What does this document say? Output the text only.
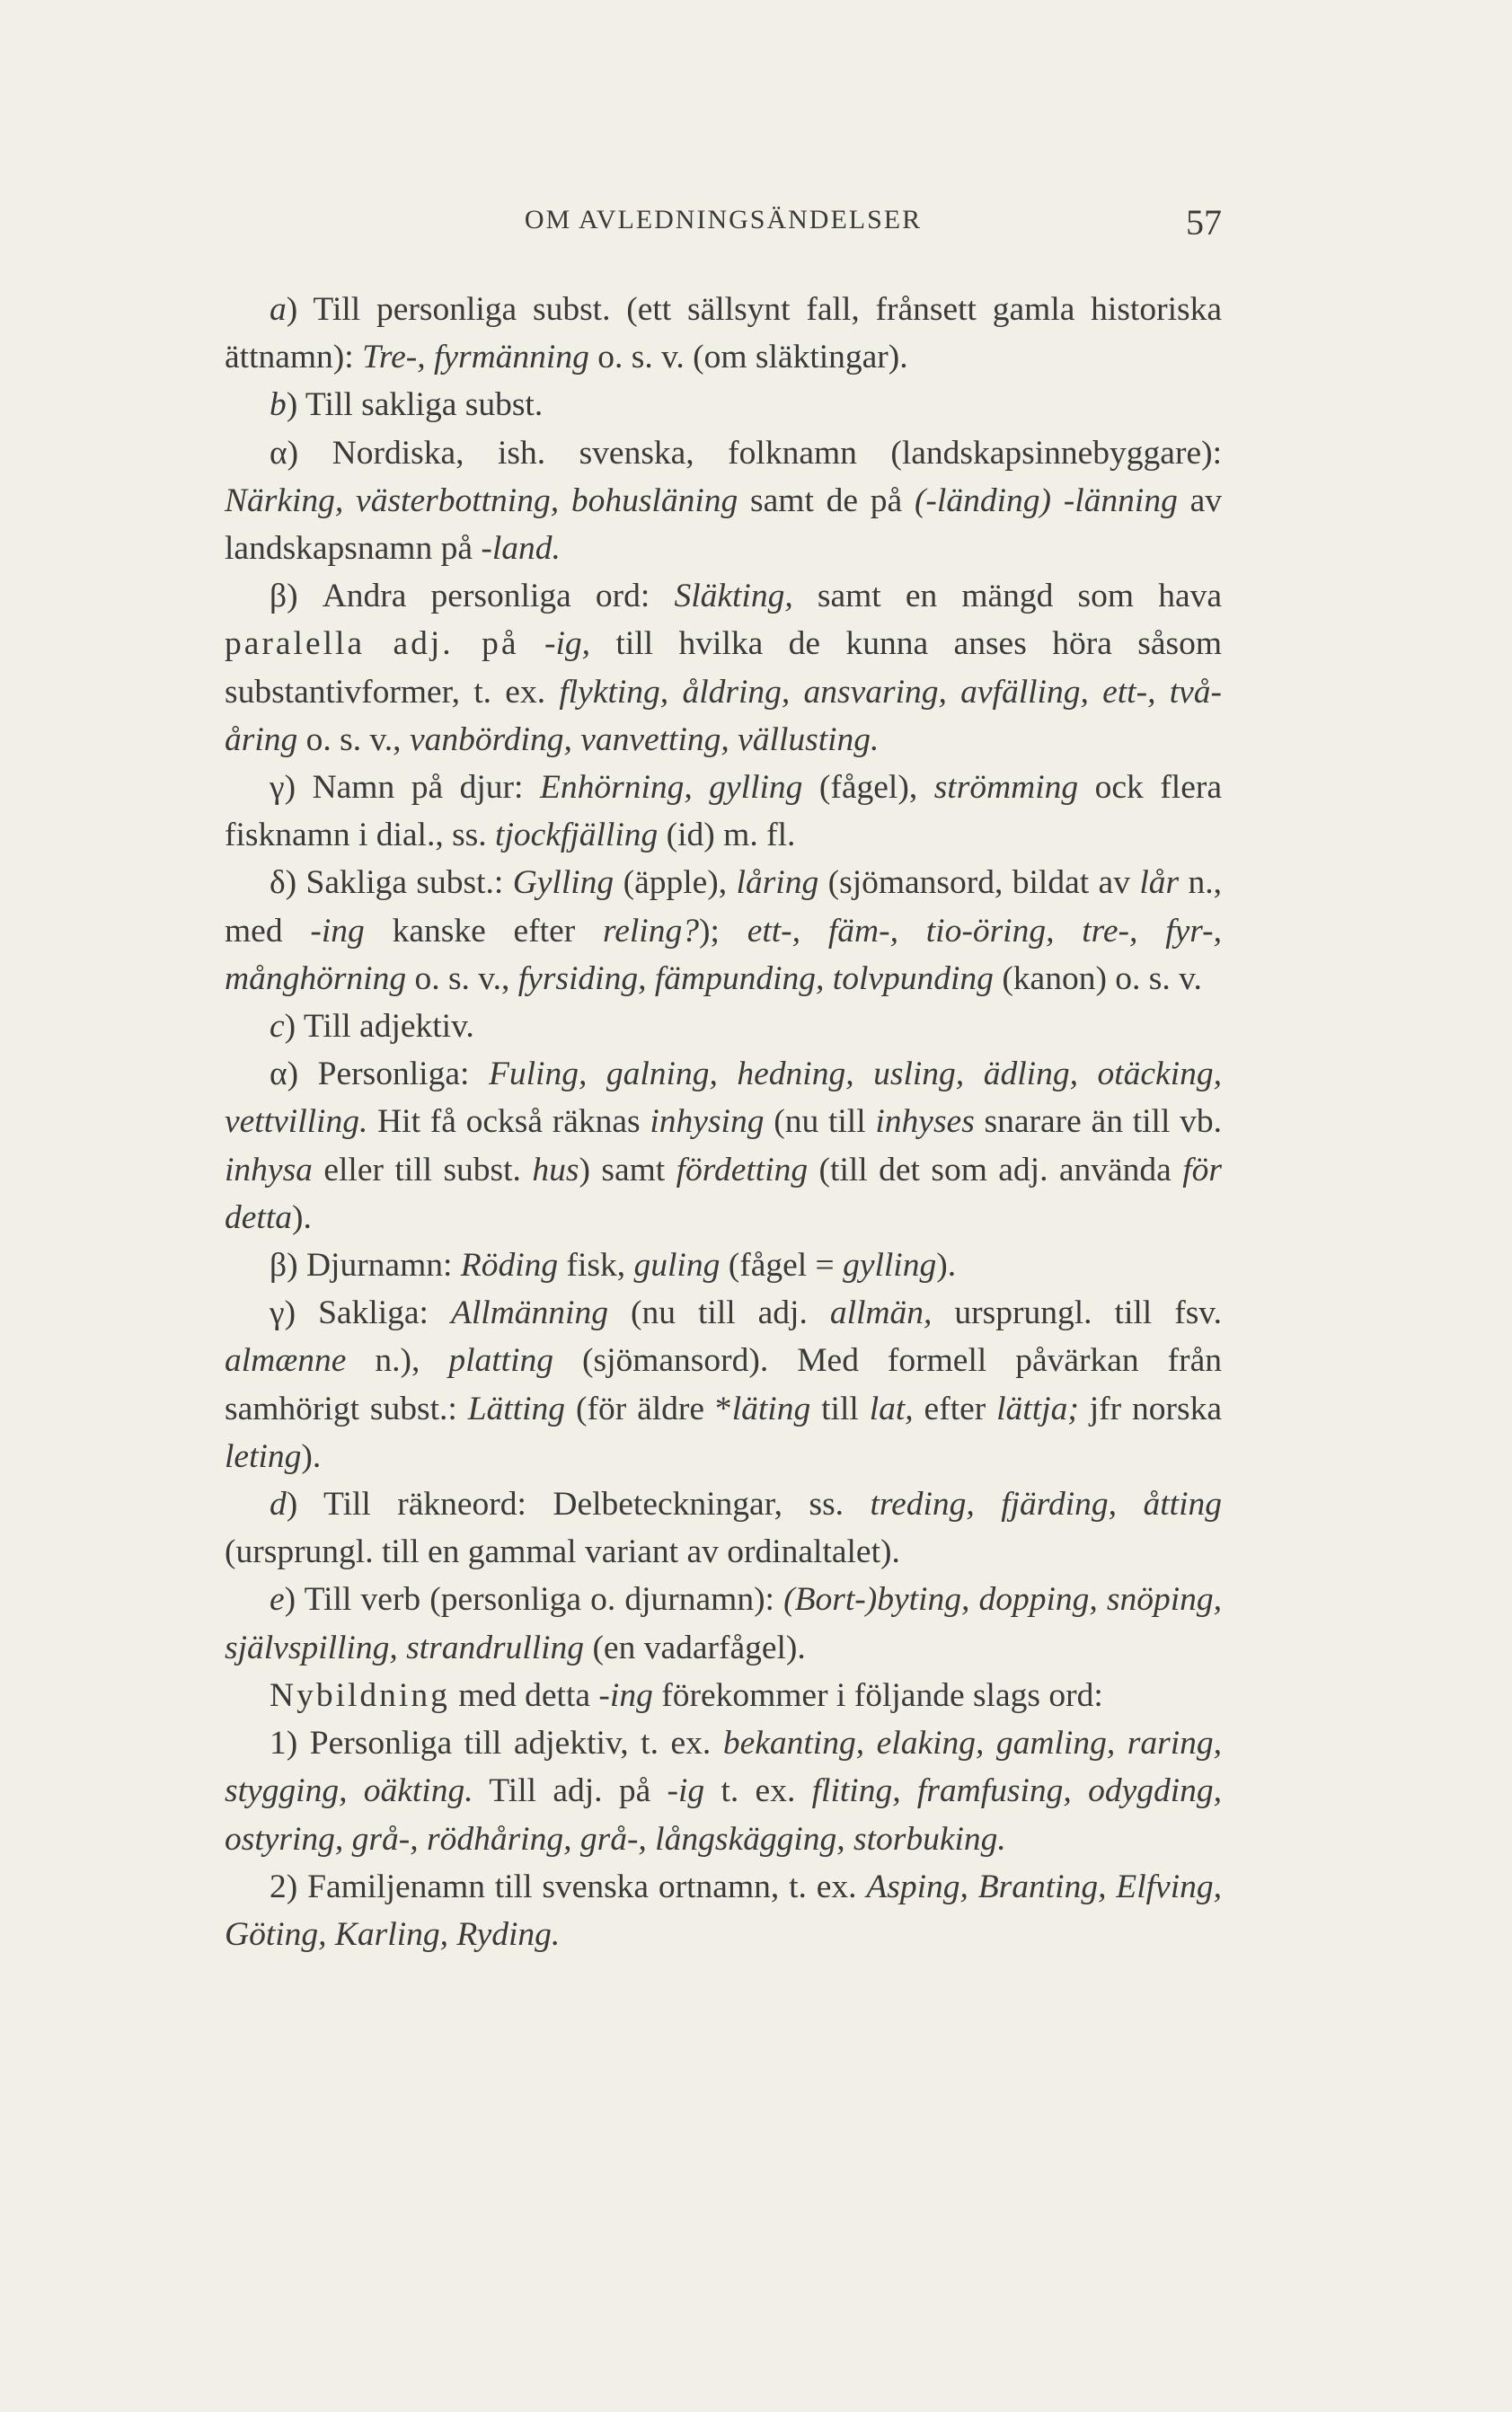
OM AVLEDNINGSÄNDELSER	57

a) Till personliga subst. (ett sällsynt fall, frånsett gamla historiska ättnamn): Tre-, fyrmänning o. s. v. (om släktingar).

b) Till sakliga subst.

α) Nordiska, ish. svenska, folknamn (landskapsinnebyggare): Närking, västerbottning, bohusläning samt de på (-länding) -länning av landskapsnamn på -land.

β) Andra personliga ord: Släkting, samt en mängd som hava paralella adj. på -ig, till hvilka de kunna anses höra såsom substantivformer, t. ex. flykting, åldring, ansvaring, avfälling, ett-, två-åring o. s. v., vanbörding, vanvetting, vällusting.

γ) Namn på djur: Enhörning, gylling (fågel), strömming ock flera fisknamn i dial., ss. tjockfjälling (id) m. fl.

δ) Sakliga subst.: Gylling (äpple), låring (sjömansord, bildat av lår n., med -ing kanske efter reling?); ett-, fäm-, tio-öring, tre-, fyr-, månghörning o. s. v., fyrsiding, fämpunding, tolvpunding (kanon) o. s. v.

c) Till adjektiv.

α) Personliga: Fuling, galning, hedning, usling, ädling, otäcking, vettvilling. Hit få också räknas inhysing (nu till inhyses snarare än till vb. inhysa eller till subst. hus) samt fördetting (till det som adj. använda för detta).

β) Djurnamn: Röding fisk, guling (fågel = gylling).

γ) Sakliga: Allmänning (nu till adj. allmän, ursprungl. till fsv. almænne n.), platting (sjömansord). Med formell påvärkan från samhörigt subst.: Lätting (för äldre *läting till lat, efter lättja; jfr norska leting).

d) Till räkneord: Delbeteckningar, ss. treding, fjärding, åtting (ursprungl. till en gammal variant av ordinaltalet).

e) Till verb (personliga o. djurnamn): (Bort-)byting, dopping, snöping, självspilling, strandrulling (en vadarfågel).

Nybildning med detta -ing förekommer i följande slags ord:

1) Personliga till adjektiv, t. ex. bekanting, elaking, gamling, raring, stygging, oäkting. Till adj. på -ig t. ex. fliting, framfusing, odygding, ostyring, grå-, rödhåring, grå-, långskägging, storbuking.

2) Familjenamn till svenska ortnamn, t. ex. Asping, Branting, Elfving, Göting, Karling, Ryding.
